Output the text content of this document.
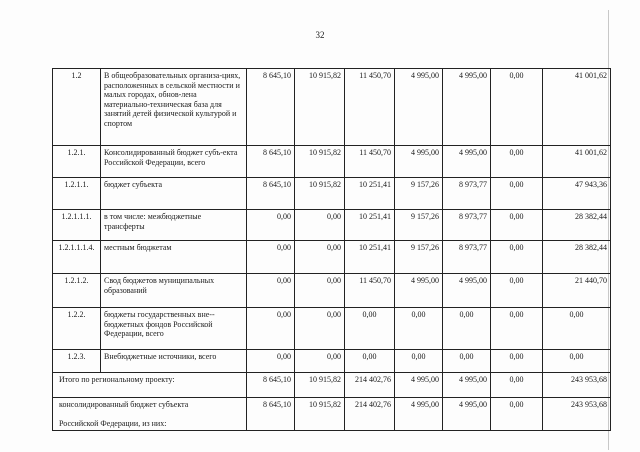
32
1.2	В общеобразовательных организа-циях, расположенных в сельской местности и малых городах, обнов-лена материально-техническая база для занятий детей физической культурой и спортом	8 645,10	10 915,82	11 450,70	4 995,00	4 995,00	0,00	41 001,62
1.2.1.	Консолидированный бюджет субъ-екта Российской Федерации, всего	8 645,10	10 915,82	11 450,70	4 995,00	4 995,00	0,00	41 001,62
1.2.1.1.	бюджет субъекта	8 645,10	10 915,82	10 251,41	9 157,26	8 973,77	0,00	47 943,36
1.2.1.1.1.	в том числе: межбюджетные трансферты	0,00	0,00	10 251,41	9 157,26	8 973,77	0,00	28 382,44
1.2.1.1.1.4.	местным бюджетам	0,00	0,00	10 251,41	9 157,26	8 973,77	0,00	28 382,44
1.2.1.2.	Свод бюджетов муниципальных образований	0,00	0,00	11 450,70	4 995,00	4 995,00	0,00	21 440,70
1.2.2.	бюджеты государственных вне-бюджетных фондов Российской Федерации, всего	0,00	0,00	0,00	0,00	0,00	0,00	0,00
1.2.3.	Внебюджетные источники, всего	0,00	0,00	0,00	0,00	0,00	0,00	0,00
Итого по региональному проекту:		8 645,10	10 915,82	214 402,76	4 995,00	4 995,00	0,00	243 953,68

консолидированный бюджет субъекта
Российской Федерации, из них:		8 645,10	10 915,82	214 402,76	4 995,00	4 995,00	0,00	243 953,68
